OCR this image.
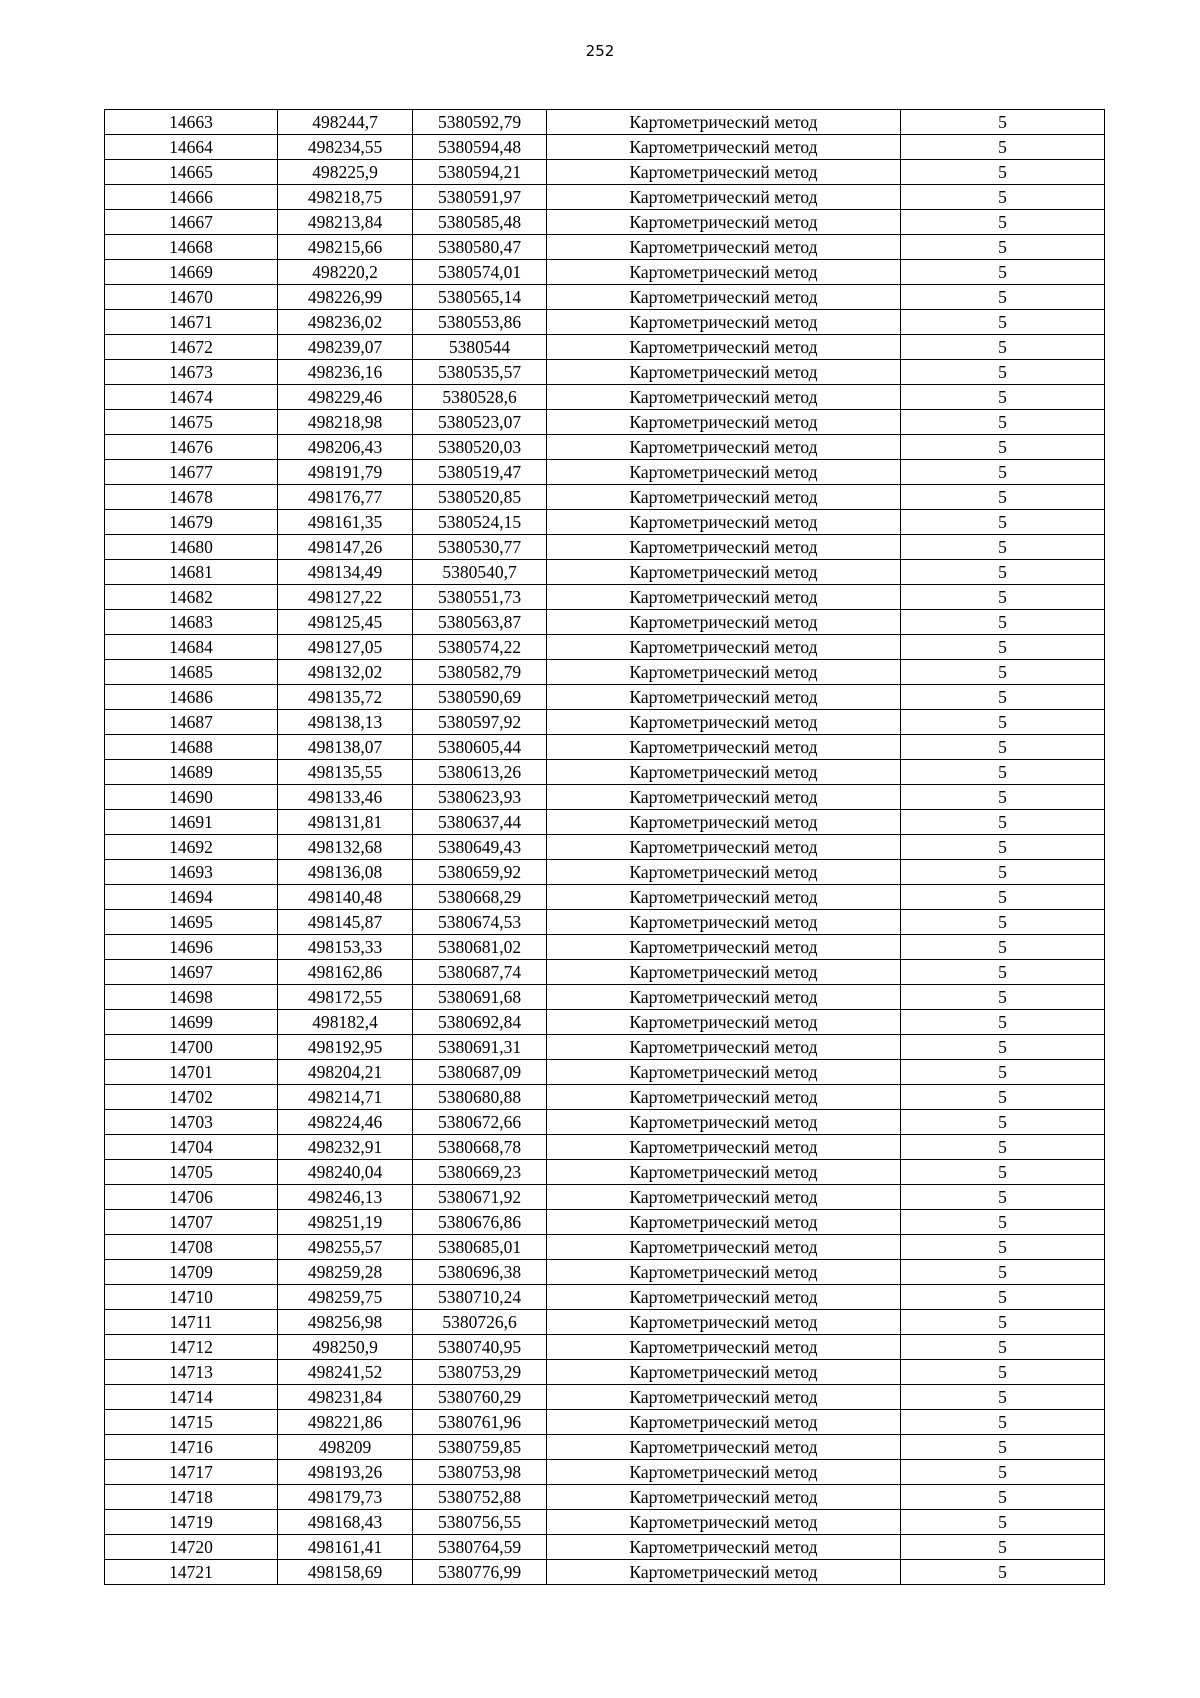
252
14663	498244,7	5380592,79	Картометрический метод	5
14664	498234,55	5380594,48	Картометрический метод	5
14665	498225,9	5380594,21	Картометрический метод	5
14666	498218,75	5380591,97	Картометрический метод	5
14667	498213,84	5380585,48	Картометрический метод	5
14668	498215,66	5380580,47	Картометрический метод	5
14669	498220,2	5380574,01	Картометрический метод	5
14670	498226,99	5380565,14	Картометрический метод	5
14671	498236,02	5380553,86	Картометрический метод	5
14672	498239,07	5380544	Картометрический метод	5
14673	498236,16	5380535,57	Картометрический метод	5
14674	498229,46	5380528,6	Картометрический метод	5
14675	498218,98	5380523,07	Картометрический метод	5
14676	498206,43	5380520,03	Картометрический метод	5
14677	498191,79	5380519,47	Картометрический метод	5
14678	498176,77	5380520,85	Картометрический метод	5
14679	498161,35	5380524,15	Картометрический метод	5
14680	498147,26	5380530,77	Картометрический метод	5
14681	498134,49	5380540,7	Картометрический метод	5
14682	498127,22	5380551,73	Картометрический метод	5
14683	498125,45	5380563,87	Картометрический метод	5
14684	498127,05	5380574,22	Картометрический метод	5
14685	498132,02	5380582,79	Картометрический метод	5
14686	498135,72	5380590,69	Картометрический метод	5
14687	498138,13	5380597,92	Картометрический метод	5
14688	498138,07	5380605,44	Картометрический метод	5
14689	498135,55	5380613,26	Картометрический метод	5
14690	498133,46	5380623,93	Картометрический метод	5
14691	498131,81	5380637,44	Картометрический метод	5
14692	498132,68	5380649,43	Картометрический метод	5
14693	498136,08	5380659,92	Картометрический метод	5
14694	498140,48	5380668,29	Картометрический метод	5
14695	498145,87	5380674,53	Картометрический метод	5
14696	498153,33	5380681,02	Картометрический метод	5
14697	498162,86	5380687,74	Картометрический метод	5
14698	498172,55	5380691,68	Картометрический метод	5
14699	498182,4	5380692,84	Картометрический метод	5
14700	498192,95	5380691,31	Картометрический метод	5
14701	498204,21	5380687,09	Картометрический метод	5
14702	498214,71	5380680,88	Картометрический метод	5
14703	498224,46	5380672,66	Картометрический метод	5
14704	498232,91	5380668,78	Картометрический метод	5
14705	498240,04	5380669,23	Картометрический метод	5
14706	498246,13	5380671,92	Картометрический метод	5
14707	498251,19	5380676,86	Картометрический метод	5
14708	498255,57	5380685,01	Картометрический метод	5
14709	498259,28	5380696,38	Картометрический метод	5
14710	498259,75	5380710,24	Картометрический метод	5
14711	498256,98	5380726,6	Картометрический метод	5
14712	498250,9	5380740,95	Картометрический метод	5
14713	498241,52	5380753,29	Картометрический метод	5
14714	498231,84	5380760,29	Картометрический метод	5
14715	498221,86	5380761,96	Картометрический метод	5
14716	498209	5380759,85	Картометрический метод	5
14717	498193,26	5380753,98	Картометрический метод	5
14718	498179,73	5380752,88	Картометрический метод	5
14719	498168,43	5380756,55	Картометрический метод	5
14720	498161,41	5380764,59	Картометрический метод	5
14721	498158,69	5380776,99	Картометрический метод	5
